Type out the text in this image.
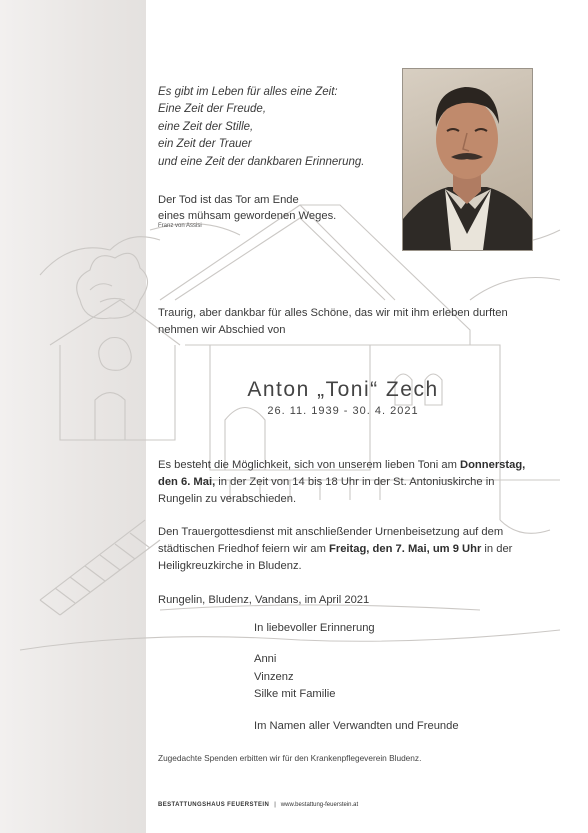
Es gibt im Leben für alles eine Zeit:
Eine Zeit der Freude,
eine Zeit der Stille,
ein Zeit der Trauer
und eine Zeit der dankbaren Erinnerung.
Der Tod ist das Tor am Ende
eines mühsam gewordenen Weges.
Franz von Assisi
Traurig, aber dankbar für alles Schöne, das wir mit ihm erleben durften nehmen wir Abschied von
Anton „Toni“ Zech
26. 11. 1939 - 30. 4. 2021
Es besteht die Möglichkeit, sich von unserem lieben Toni am Donnerstag, den 6. Mai, in der Zeit von 14 bis 18 Uhr in der St. Antoniuskirche in Rungelin zu verabschieden.
Den Trauergottesdienst mit anschließender Urnenbeisetzung auf dem städtischen Friedhof feiern wir am Freitag, den 7. Mai, um 9 Uhr in der Heiligkreuzkirche in Bludenz.
Rungelin, Bludenz, Vandans, im April 2021
In liebevoller Erinnerung
Anni
Vinzenz
Silke mit Familie
Im Namen aller Verwandten und Freunde
Zugedachte Spenden erbitten wir für den Krankenpflegeverein Bludenz.
BESTATTUNGSHAUS FEUERSTEIN | www.bestattung-feuerstein.at
